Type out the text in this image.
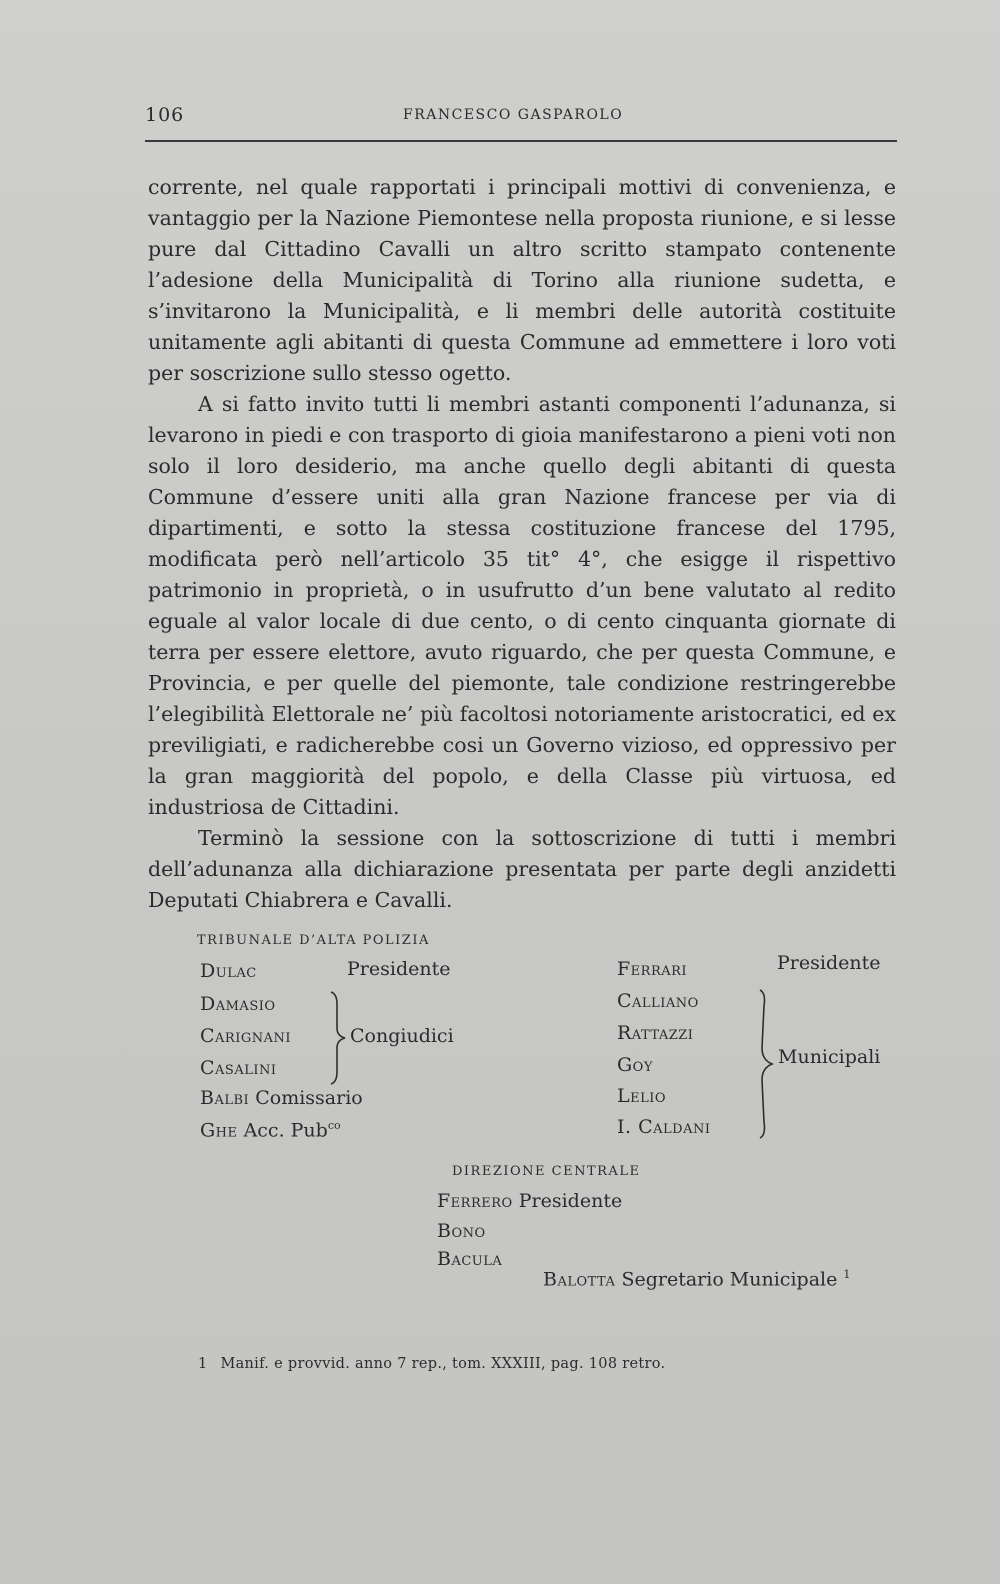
106	FRANCESCO GASPAROLO

corrente, nel quale rapportati i principali mottivi di convenienza, e vantaggio per la Nazione Piemontese nella proposta riunione, e si lesse pure dal Cittadino Cavalli un altro scritto stampato contenente l’adesione della Municipalità di Torino alla riunione sudetta, e s’invitarono la Municipalità, e li membri delle autorità costituite unitamente agli abitanti di questa Commune ad emmettere i loro voti per soscrizione sullo stesso ogetto.

A si fatto invito tutti li membri astanti componenti l’adunanza, si levarono in piedi e con trasporto di gioia manifestarono a pieni voti non solo il loro desiderio, ma anche quello degli abitanti di questa Commune d’essere uniti alla gran Nazione francese per via di dipartimenti, e sotto la stessa costituzione francese del 1795, modificata però nell’articolo 35 tit° 4°, che esigge il rispettivo patrimonio in proprietà, o in usufrutto d’un bene valutato al redito eguale al valor locale di due cento, o di cento cinquanta giornate di terra per essere elettore, avuto riguardo, che per questa Commune, e Provincia, e per quelle del piemonte, tale condizione restringerebbe l’elegibilità Elettorale ne’ più facoltosi notoriamente aristocratici, ed ex previligiati, e radicherebbe cosi un Governo vizioso, ed oppressivo per la gran maggiorità del popolo, e della Classe più virtuosa, ed industriosa de Cittadini.

Terminò la sessione con la sottoscrizione di tutti i membri dell’adunanza alla dichiarazione presentata per parte degli anzidetti Deputati Chiabrera e Cavalli.

TRIBUNALE D’ALTA POLIZIA
Dulac	Presidente
Damasio
Carignani
Casalini
Congiudici
Balbi Comissario
Ghe Acc. Pub$^{co}$
Ferrari	Presidente
Calliano
Rattazzi
Goy
Lelio
I. Caldani
Municipali
DIREZIONE CENTRALE
Ferrero Presidente
Bono
Bacula
Balotta Segretario Municipale $^1$
1 Manif. e provvid. anno 7 rep., tom. XXXIII, pag. 108 retro.
